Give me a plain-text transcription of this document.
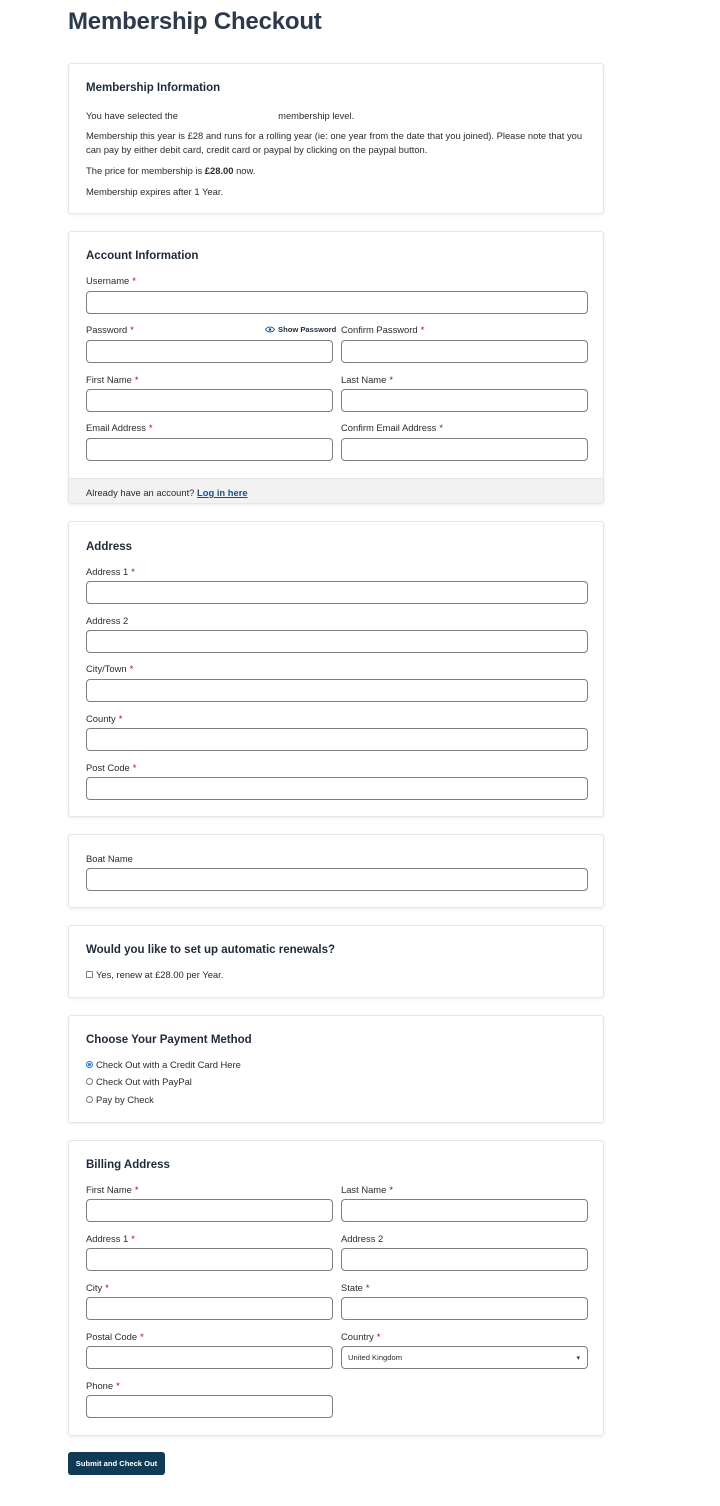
Membership Checkout
Membership Information
You have selected the	membership level.
Membership this year is £28 and runs for a rolling year (ie: one year from the date that you joined). Please note that you can pay by either debit card, credit card or paypal by clicking on the paypal button.
The price for membership is £28.00 now.
Membership expires after 1 Year.
Account Information
Username *
Password *	Show Password Confirm Password *
First Name *	Last Name *
Email Address *	Confirm Email Address *
Already have an account? Log in here
Address
Address 1 *
Address 2
City/Town *
County *
Post Code *
Boat Name
Would you like to set up automatic renewals?
Yes, renew at £28.00 per Year.
Choose Your Payment Method
Check Out with a Credit Card Here
Check Out with PayPal
Pay by Check
Billing Address
First Name *	Last Name *
Address 1 *	Address 2
City *	State *
Postal Code *	Country *
United Kingdom	▾
Phone *
Submit and Check Out
